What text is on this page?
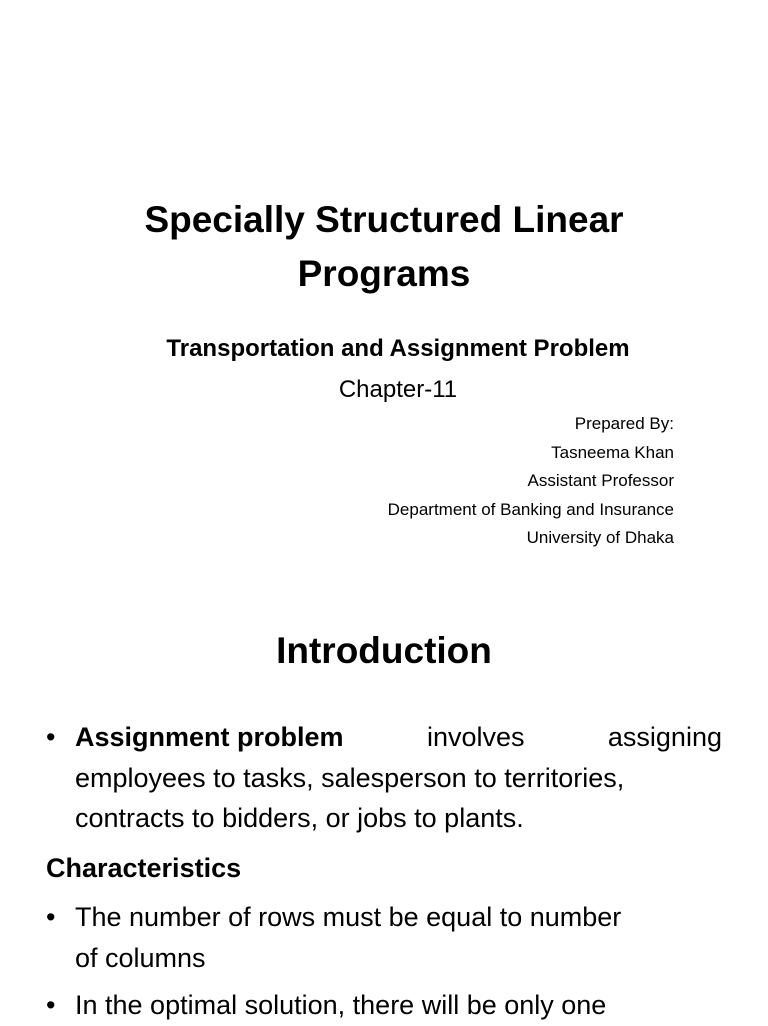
Specially Structured Linear
Programs
Transportation and Assignment Problem
Chapter-11
Prepared By:
Tasneema Khan
Assistant Professor
Department of Banking and Insurance
University of Dhaka
Introduction
• Assignment problem	involves	assigning
employees to tasks, salesperson to territories,
contracts to bidders, or jobs to plants.
Characteristics
• The number of rows must be equal to number
of columns
• In the optimal solution, there will be only one
